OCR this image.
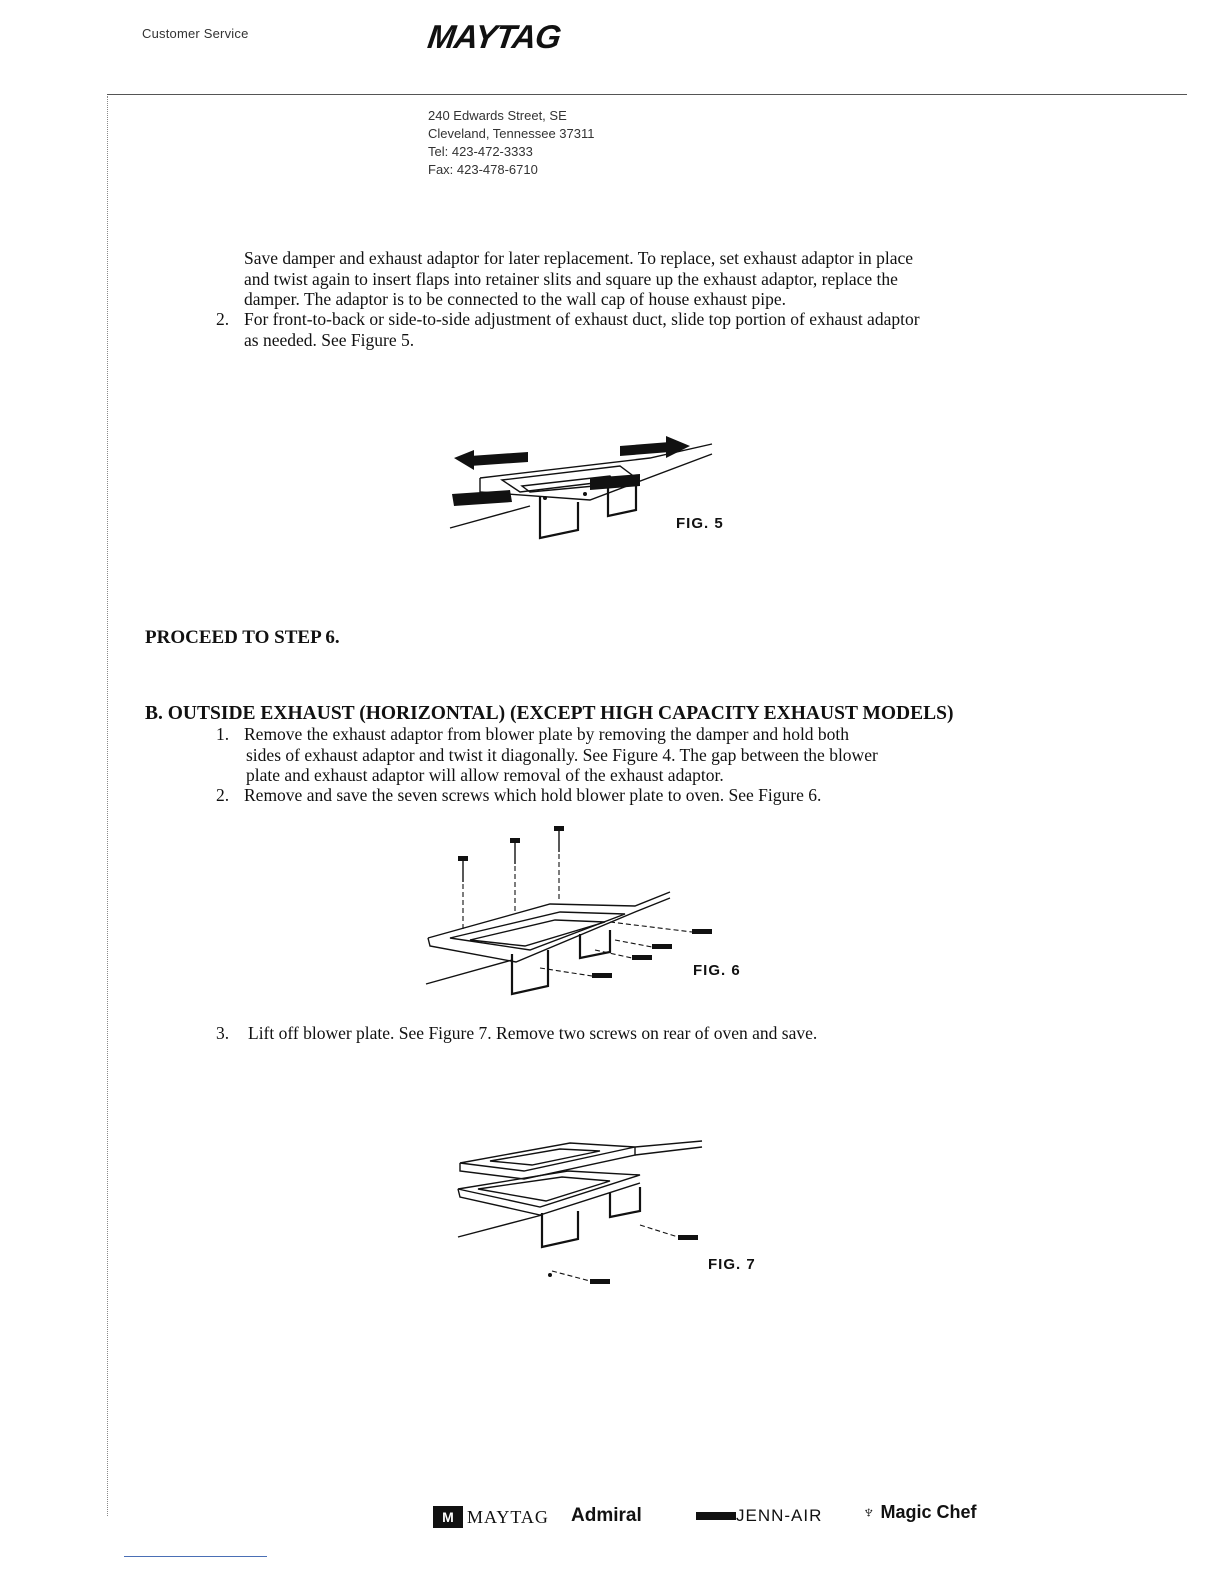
Customer Service	MAYTAG
240 Edwards Street, SE
Cleveland, Tennessee 37311
Tel: 423-472-3333
Fax: 423-478-6710
Save damper and exhaust adaptor for later replacement. To replace, set exhaust adaptor in place
and twist again to insert flaps into retainer slits and square up the exhaust adaptor, replace the
damper. The adaptor is to be connected to the wall cap of house exhaust pipe.
2. For front-to-back or side-to-side adjustment of exhaust duct, slide top portion of exhaust adaptor
as needed. See Figure 5.
FIG. 5
PROCEED TO STEP 6.
B. OUTSIDE EXHAUST (HORIZONTAL) (EXCEPT HIGH CAPACITY EXHAUST MODELS)
1. Remove the exhaust adaptor from blower plate by removing the damper and hold both
sides of exhaust adaptor and twist it diagonally. See Figure 4. The gap between the blower
plate and exhaust adaptor will allow removal of the exhaust adaptor.
2. Remove and save the seven screws which hold blower plate to oven. See Figure 6.
FIG. 6
3. Lift off blower plate. See Figure 7. Remove two screws on rear of oven and save.
FIG. 7
M MAYTAG Admiral	JENN-AIR ♆ Magic Chef
